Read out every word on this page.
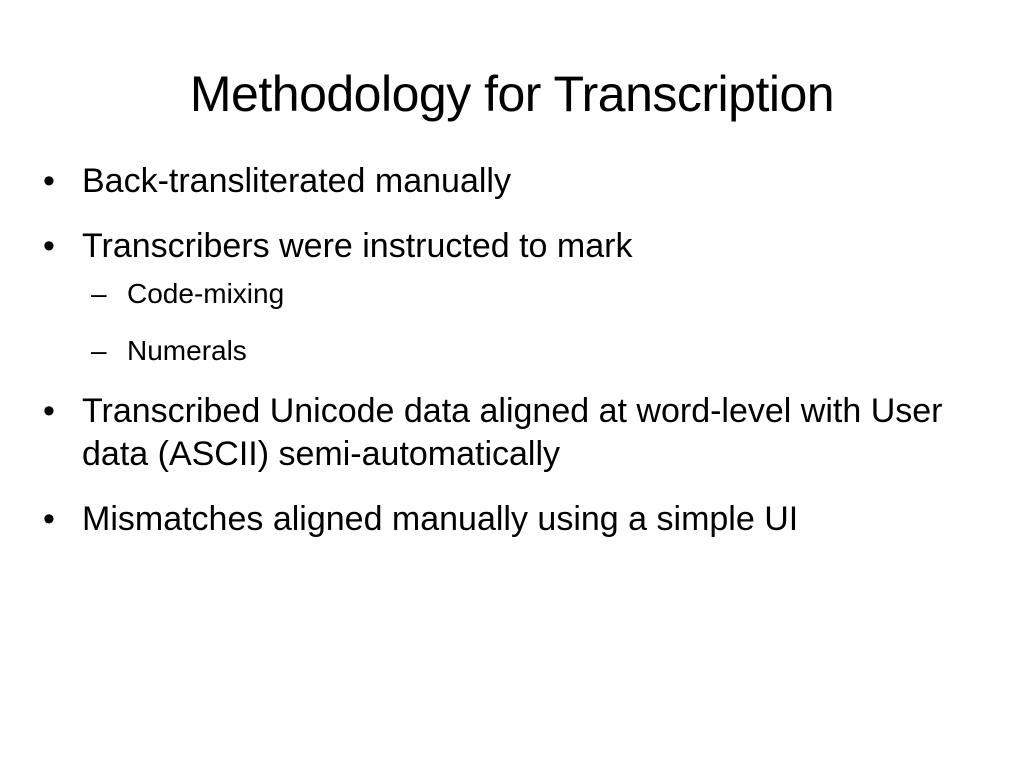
Methodology for Transcription
• Back-transliterated manually
• Transcribers were instructed to mark
– Code-mixing
– Numerals
• Transcribed Unicode data aligned at word-level with User data (ASCII) semi-automatically
• Mismatches aligned manually using a simple UI
